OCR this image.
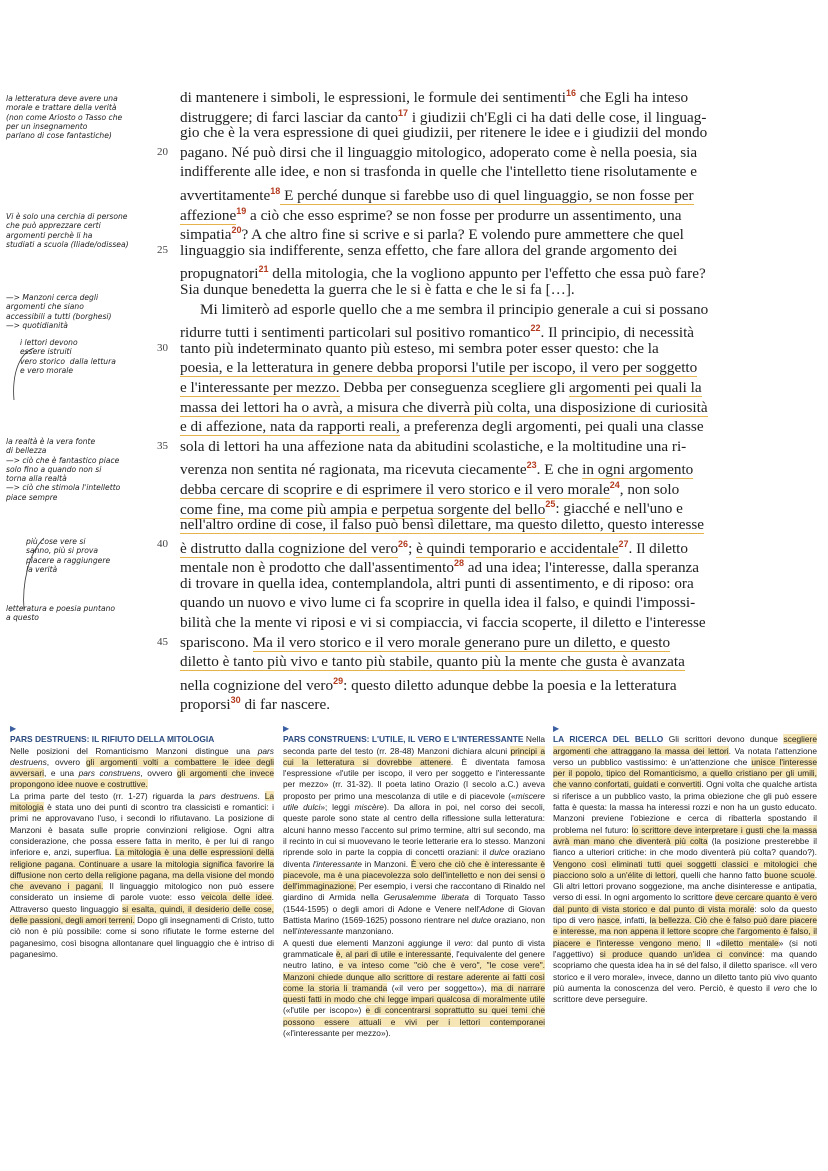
la letteratura deve avere una
morale e trattare della verità
(non come Ariosto o Tasso che
per un insegnamento
parlano di cose fantastiche)
Vi è solo una cerchia di persone
che può apprezzare certi
argomenti perchè li ha
studiati a scuola (Iliade/odissea)
—> Manzoni cerca degli
argomenti che siano
accessibili a tutti (borghesi)
—> quotidianità
i lettori devono
essere istruiti
vero storico  dalla lettura
e vero morale
la realtà è la vera fonte
di bellezza
—> ciò che è fantastico piace
solo fino a quando non si
torna alla realtà
—> ciò che stimola l'intelletto
piace sempre
più cose vere si
sanno, più si prova
piacere a raggiungere
la verità
letteratura e poesia puntano
a questo
20
25
30
35
40
45
di mantenere i simboli, le espressioni, le formule dei sentimenti$^{16}$ che Egli ha inteso
distruggere; di farci lasciar da canto$^{17}$ i giudizii ch'Egli ci ha dati delle cose, il linguag-
gio che è la vera espressione di quei giudizii, per ritenere le idee e i giudizii del mondo
pagano. Né può dirsi che il linguaggio mitologico, adoperato come è nella poesia, sia
indifferente alle idee, e non si trasfonda in quelle che l'intelletto tiene risolutamente e
avvertitamente$^{18}$ E perché dunque si farebbe uso di quel linguaggio, se non fosse per
affezione$^{19}$ a ciò che esso esprime? se non fosse per produrre un assentimento, una
simpatia$^{20}$? A che altro fine si scrive e si parla? E volendo pure ammettere che quel
linguaggio sia indifferente, senza effetto, che fare allora del grande argomento dei
propugnatori$^{21}$ della mitologia, che la vogliono appunto per l'effetto che essa può fare?
Sia dunque benedetta la guerra che le si è fatta e che le si fa […].
Mi limiterò ad esporle quello che a me sembra il principio generale a cui si possano
ridurre tutti i sentimenti particolari sul positivo romantico$^{22}$. Il principio, di necessità
tanto più indeterminato quanto più esteso, mi sembra poter esser questo: che la
poesia, e la letteratura in genere debba proporsi l'utile per iscopo, il vero per soggetto
e l'interessante per mezzo. Debba per conseguenza scegliere gli argomenti pei quali la
massa dei lettori ha o avrà, a misura che diverrà più colta, una disposizione di curiosità
e di affezione, nata da rapporti reali, a preferenza degli argomenti, pei quali una classe
sola di lettori ha una affezione nata da abitudini scolastiche, e la moltitudine una ri-
verenza non sentita né ragionata, ma ricevuta ciecamente$^{23}$. E che in ogni argomento
debba cercare di scoprire e di esprimere il vero storico e il vero morale$^{24}$, non solo
come fine, ma come più ampia e perpetua sorgente del bello$^{25}$: giacché e nell'uno e
nell'altro ordine di cose, il falso può bensì dilettare, ma questo diletto, questo interesse
è distrutto dalla cognizione del vero$^{26}$; è quindi temporario e accidentale$^{27}$. Il diletto
mentale non è prodotto che dall'assentimento$^{28}$ ad una idea; l'interesse, dalla speranza
di trovare in quella idea, contemplandola, altri punti di assentimento, e di riposo: ora
quando un nuovo e vivo lume ci fa scoprire in quella idea il falso, e quindi l'impossi-
bilità che la mente vi riposi e vi si compiaccia, vi faccia scoperte, il diletto e l'interesse
spariscono. Ma il vero storico e il vero morale generano pure un diletto, e questo
diletto è tanto più vivo e tanto più stabile, quanto più la mente che gusta è avanzata
nella cognizione del vero$^{29}$: questo diletto adunque debbe la poesia e la letteratura
proporsi$^{30}$ di far nascere.

▶

PARS DESTRUENS: IL RIFIUTO DELLA MITOLOGIA

Nelle posizioni del Romanticismo Manzoni distingue una pars destruens, ovvero gli argomenti volti a combattere le idee degli avversari, e una pars construens, ovvero gli argomenti che invece propongono idee nuove e costruttive.

La prima parte del testo (rr. 1-27) riguarda la pars destruens. La mitologia è stata uno dei punti di scontro tra classicisti e romantici: i primi ne approvavano l'uso, i secondi lo rifiutavano. La posizione di Manzoni è basata sulle proprie convinzioni religiose. Ogni altra considerazione, che possa essere fatta in merito, è per lui di rango inferiore e, anzi, superflua. La mitologia è una delle espressioni della religione pagana. Continuare a usare la mitologia significa favorire la diffusione non certo della religione pagana, ma della visione del mondo che avevano i pagani. Il linguaggio mitologico non può essere considerato un insieme di parole vuote: esso veicola delle idee. Attraverso questo linguaggio si esalta, quindi, il desiderio delle cose, delle passioni, degli amori terreni. Dopo gli insegnamenti di Cristo, tutto ciò non è più possibile: come si sono rifiutate le forme esterne del paganesimo, così bisogna allontanare quel linguaggio che è intriso di paganesimo.

▶

PARS CONSTRUENS: L'UTILE, IL VERO E L'INTERESSANTE Nella seconda parte del testo (rr. 28-48) Manzoni dichiara alcuni principi a cui la letteratura si dovrebbe attenere. È diventata famosa l'espressione «l'utile per iscopo, il vero per soggetto e l'interessante per mezzo» (rr. 31-32). Il poeta latino Orazio (I secolo a.C.) aveva proposto per primo una mescolanza di utile e di piacevole («miscere utile dulci»; leggi miscère). Da allora in poi, nel corso dei secoli, queste parole sono state al centro della riflessione sulla letteratura: alcuni hanno messo l'accento sul primo termine, altri sul secondo, ma il recinto in cui si muovevano le teorie letterarie era lo stesso. Manzoni riprende solo in parte la coppia di concetti oraziani: il dulce oraziano diventa l'interessante in Manzoni. È vero che ciò che è interessante è piacevole, ma è una piacevolezza solo dell'intelletto e non dei sensi o dell'immaginazione. Per esempio, i versi che raccontano di Rinaldo nel giardino di Armida nella Gerusalemme liberata di Torquato Tasso (1544-1595) o degli amori di Adone e Venere nell'Adone di Giovan Battista Marino (1569-1625) possono rientrare nel dulce oraziano, non nell'interessante manzoniano.

A questi due elementi Manzoni aggiunge il vero: dal punto di vista grammaticale è, al pari di utile e interessante, l'equivalente del genere neutro latino, e va inteso come "ciò che è vero", "le cose vere". Manzoni chiede dunque allo scrittore di restare aderente ai fatti così come la storia li tramanda («il vero per soggetto»), ma di narrare questi fatti in modo che chi legge impari qualcosa di moralmente utile («l'utile per iscopo») e di concentrarsi soprattutto su quei temi che possono essere attuali e vivi per i lettori contemporanei («l'interessante per mezzo»).

▶

LA RICERCA DEL BELLO Gli scrittori devono dunque scegliere argomenti che attraggano la massa dei lettori. Va notata l'attenzione verso un pubblico vastissimo: è un'attenzione che unisce l'interesse per il popolo, tipico del Romanticismo, a quello cristiano per gli umili, che vanno confortati, guidati e convertiti. Ogni volta che qualche artista si riferisce a un pubblico vasto, la prima obiezione che gli può essere fatta è questa: la massa ha interessi rozzi e non ha un gusto educato. Manzoni previene l'obiezione e cerca di ribatterla spostando il problema nel futuro: lo scrittore deve interpretare i gusti che la massa avrà man mano che diventerà più colta (la posizione presterebbe il fianco a ulteriori critiche: in che modo diventerà più colta? quando?). Vengono così eliminati tutti quei soggetti classici e mitologici che piacciono solo a un'élite di lettori, quelli che hanno fatto buone scuole. Gli altri lettori provano soggezione, ma anche disinteresse e antipatia, verso di essi. In ogni argomento lo scrittore deve cercare quanto è vero dal punto di vista storico e dal punto di vista morale: solo da questo tipo di vero nasce, infatti, la bellezza. Ciò che è falso può dare piacere e interesse, ma non appena il lettore scopre che l'argomento è falso, il piacere e l'interesse vengono meno. Il «diletto mentale» (si noti l'aggettivo) si produce quando un'idea ci convince: ma quando scopriamo che questa idea ha in sé del falso, il diletto sparisce. «Il vero storico e il vero morale», invece, danno un diletto tanto più vivo quanto più aumenta la conoscenza del vero. Perciò, è questo il vero che lo scrittore deve perseguire.
